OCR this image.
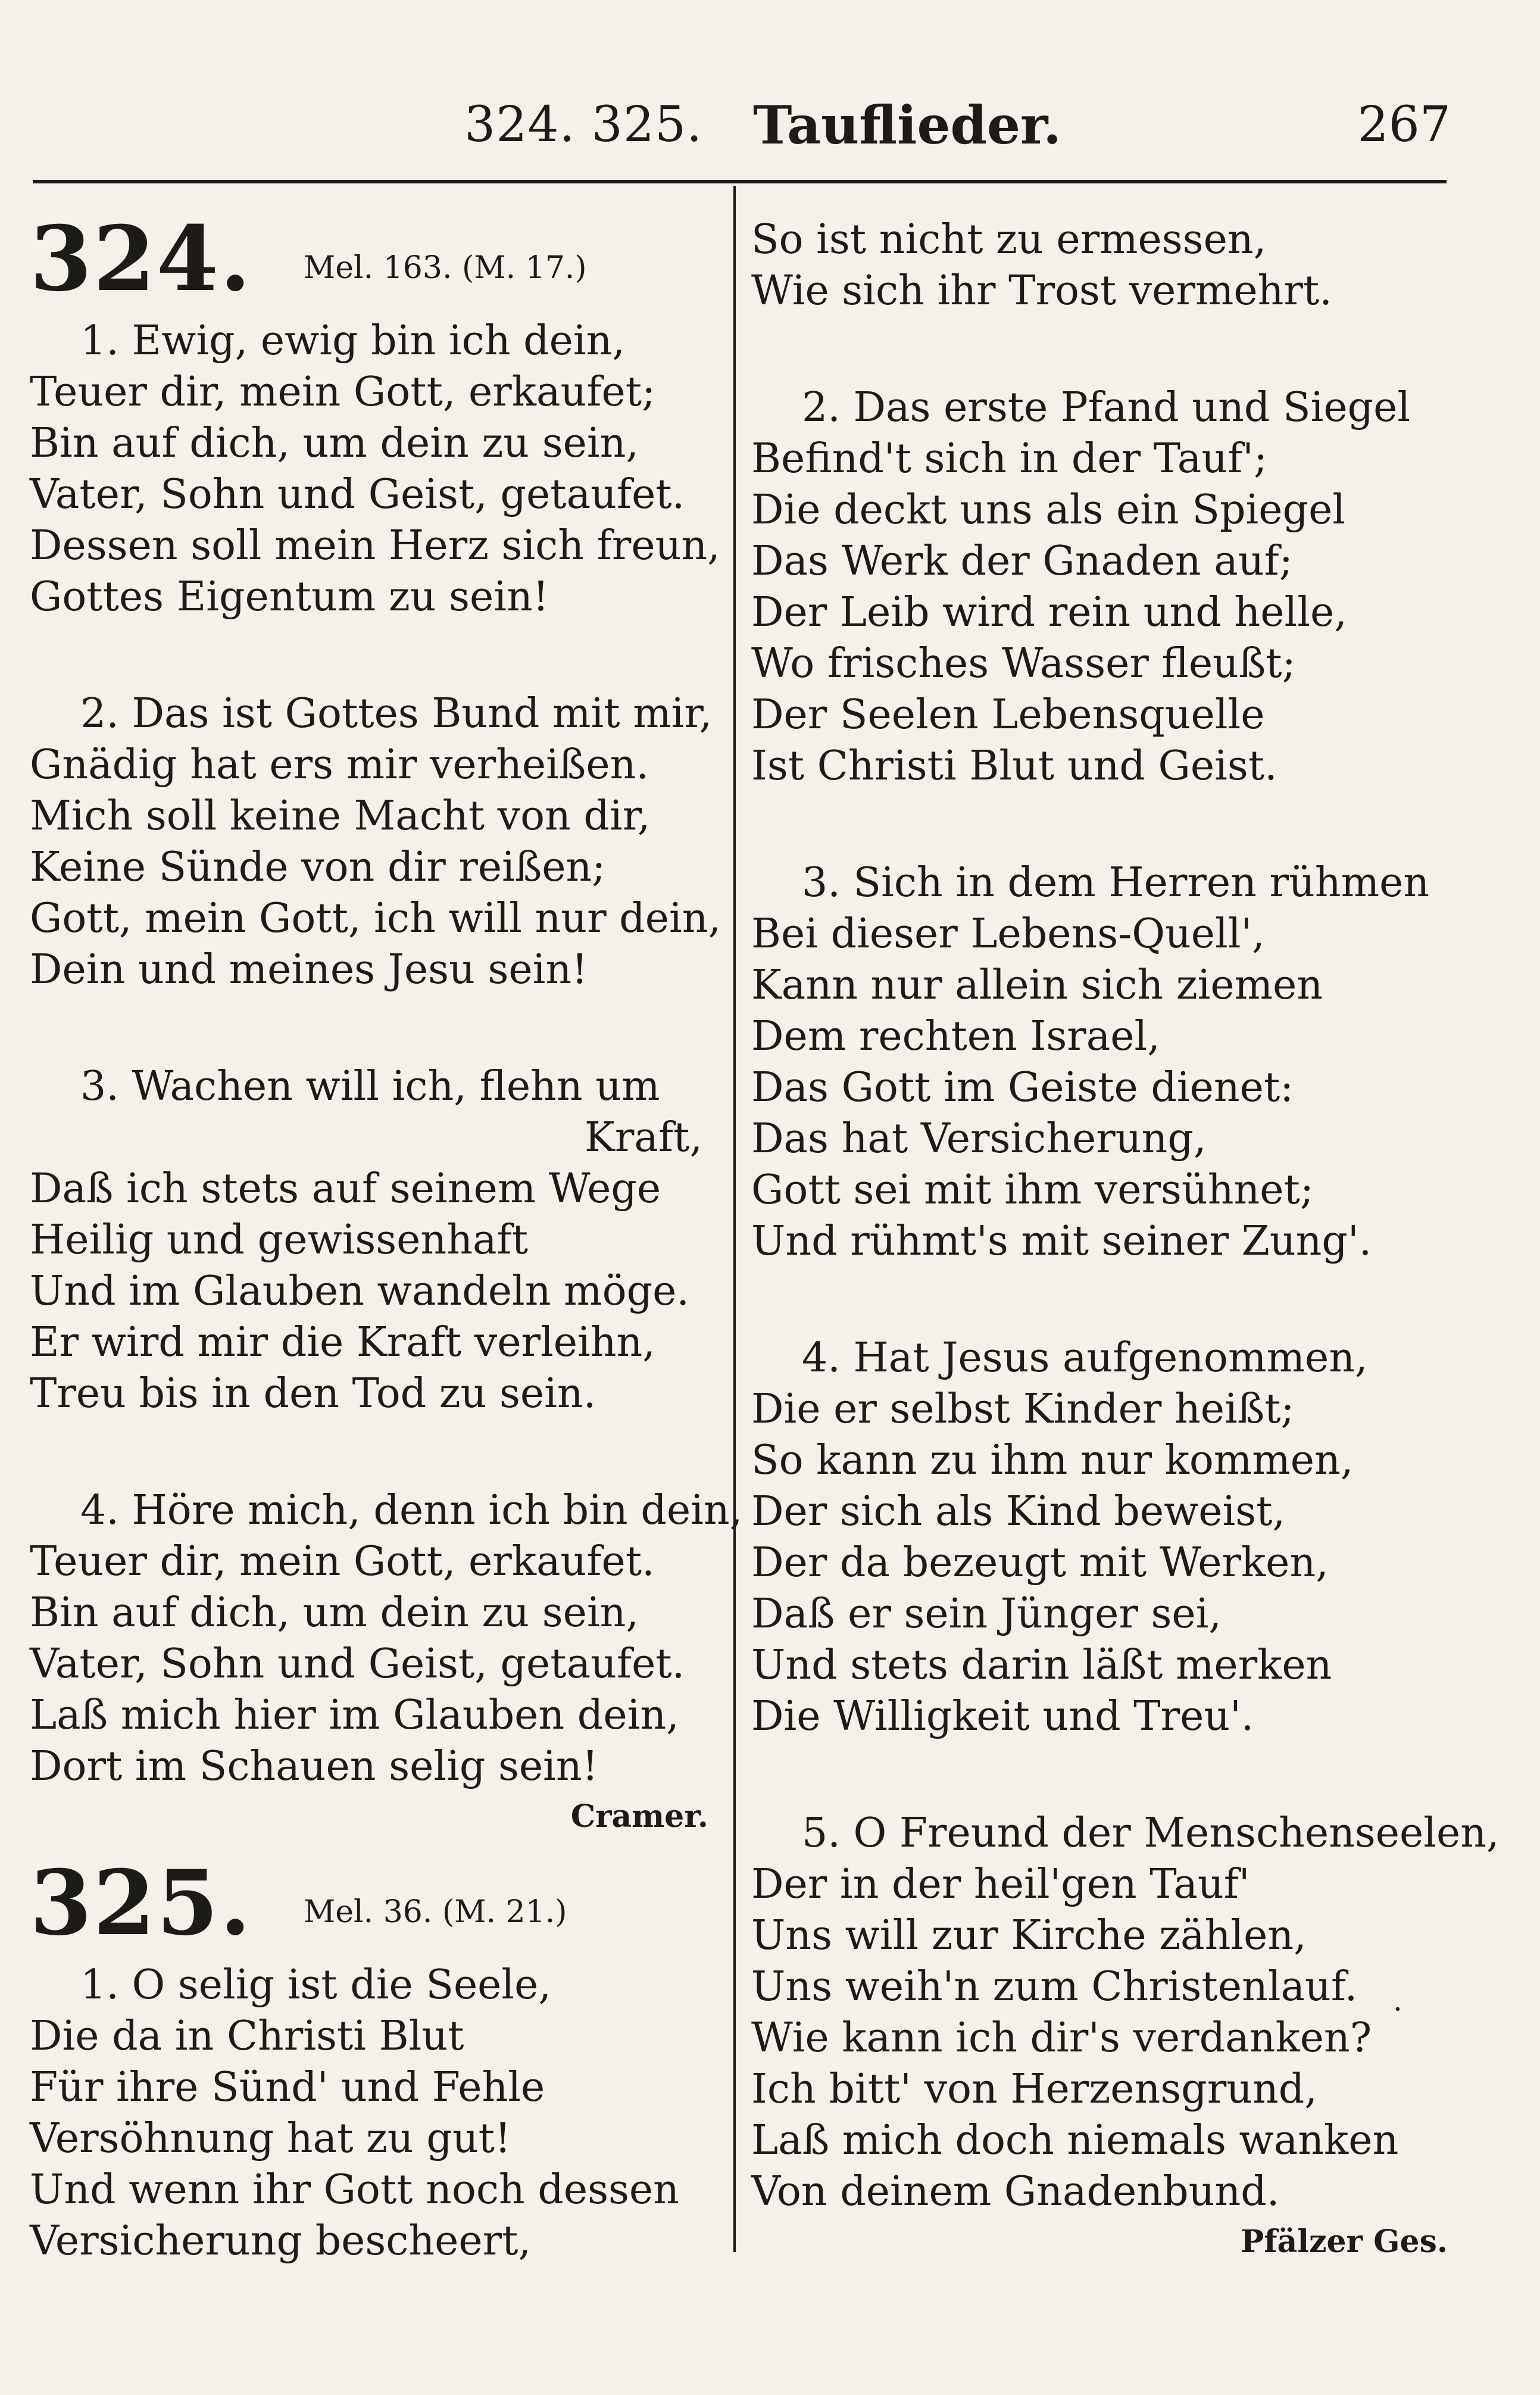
324. 325. Tauflieder.	267
324. Mel. 163. (M. 17.)
1. Ewig, ewig bin ich dein,
Teuer dir, mein Gott, erkaufet;
Bin auf dich, um dein zu sein,
Vater, Sohn und Geist, getaufet.
Dessen soll mein Herz sich freun,
Gottes Eigentum zu sein!
2. Das ist Gottes Bund mit mir,
Gnädig hat ers mir verheißen.
Mich soll keine Macht von dir,
Keine Sünde von dir reißen;
Gott, mein Gott, ich will nur dein,
Dein und meines Jesu sein!
3. Wachen will ich, flehn um
Kraft,
Daß ich stets auf seinem Wege
Heilig und gewissenhaft
Und im Glauben wandeln möge.
Er wird mir die Kraft verleihn,
Treu bis in den Tod zu sein.
4. Höre mich, denn ich bin dein,
Teuer dir, mein Gott, erkaufet.
Bin auf dich, um dein zu sein,
Vater, Sohn und Geist, getaufet.
Laß mich hier im Glauben dein,
Dort im Schauen selig sein!
Cramer.
325. Mel. 36. (M. 21.)
1. O selig ist die Seele,
Die da in Christi Blut
Für ihre Sünd' und Fehle
Versöhnung hat zu gut!
Und wenn ihr Gott noch dessen
Versicherung bescheert,
So ist nicht zu ermessen,
Wie sich ihr Trost vermehrt.
2. Das erste Pfand und Siegel
Befind't sich in der Tauf';
Die deckt uns als ein Spiegel
Das Werk der Gnaden auf;
Der Leib wird rein und helle,
Wo frisches Wasser fleußt;
Der Seelen Lebensquelle
Ist Christi Blut und Geist.
3. Sich in dem Herren rühmen
Bei dieser Lebens-Quell',
Kann nur allein sich ziemen
Dem rechten Israel,
Das Gott im Geiste dienet:
Das hat Versicherung,
Gott sei mit ihm versühnet;
Und rühmt's mit seiner Zung'.
4. Hat Jesus aufgenommen,
Die er selbst Kinder heißt;
So kann zu ihm nur kommen,
Der sich als Kind beweist,
Der da bezeugt mit Werken,
Daß er sein Jünger sei,
Und stets darin läßt merken
Die Willigkeit und Treu'.
5. O Freund der Menschenseelen,
Der in der heil'gen Tauf'
Uns will zur Kirche zählen,
Uns weih'n zum Christenlauf.
Wie kann ich dir's verdanken?
Ich bitt' von Herzensgrund,
Laß mich doch niemals wanken
Von deinem Gnadenbund.
Pfälzer Ges.
·
